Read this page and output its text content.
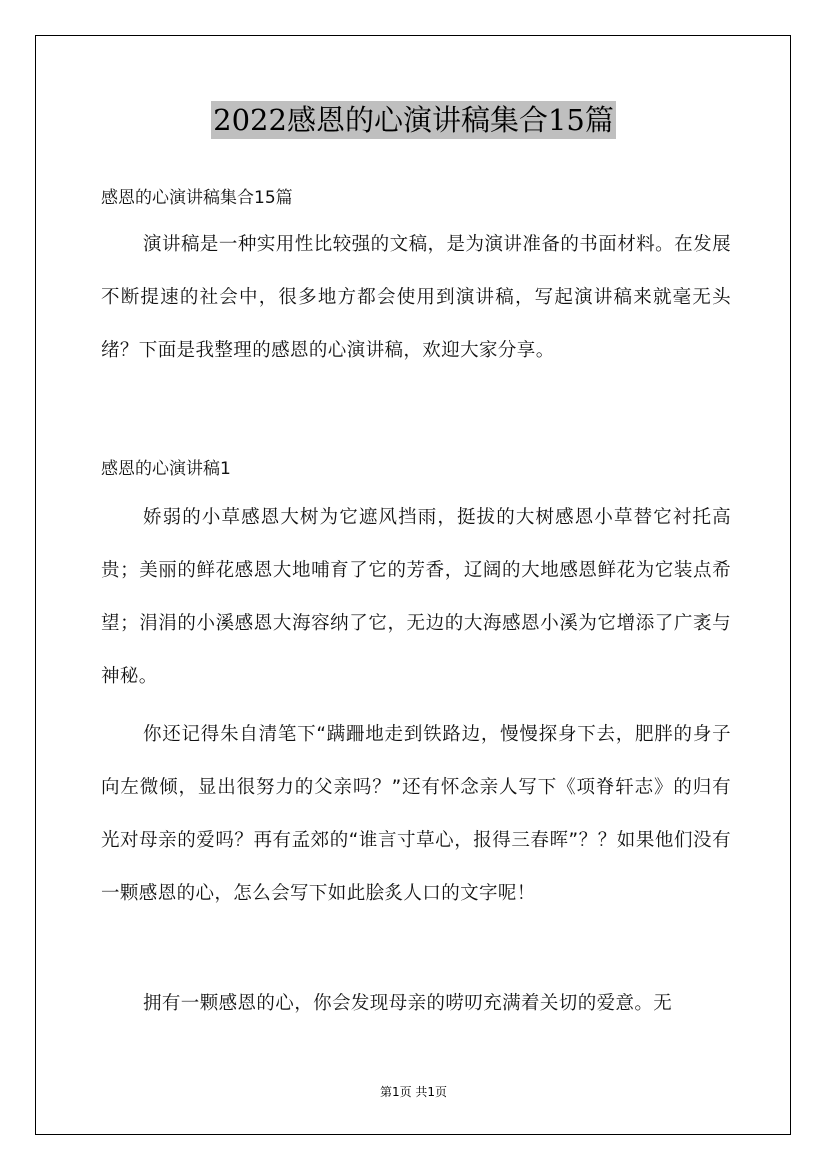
2022感恩的心演讲稿集合15篇
感恩的心演讲稿集合15篇

演讲稿是一种实用性比较强的文稿，是为演讲准备的书面材料。在发展不断提速的社会中，很多地方都会使用到演讲稿，写起演讲稿来就毫无头绪？下面是我整理的感恩的心演讲稿，欢迎大家分享。

感恩的心演讲稿1

娇弱的小草感恩大树为它遮风挡雨，挺拔的大树感恩小草替它衬托高贵；美丽的鲜花感恩大地哺育了它的芳香，辽阔的大地感恩鲜花为它装点希望；涓涓的小溪感恩大海容纳了它，无边的大海感恩小溪为它增添了广袤与神秘。

你还记得朱自清笔下“蹒跚地走到铁路边，慢慢探身下去，肥胖的身子向左微倾，显出很努力的父亲吗？”还有怀念亲人写下《项脊轩志》的归有光对母亲的爱吗？再有孟郊的“谁言寸草心，报得三春晖”？？如果他们没有一颗感恩的心，怎么会写下如此脍炙人口的文字呢！

拥有一颗感恩的心，你会发现母亲的唠叨充满着关切的爱意。无

第1页 共1页
